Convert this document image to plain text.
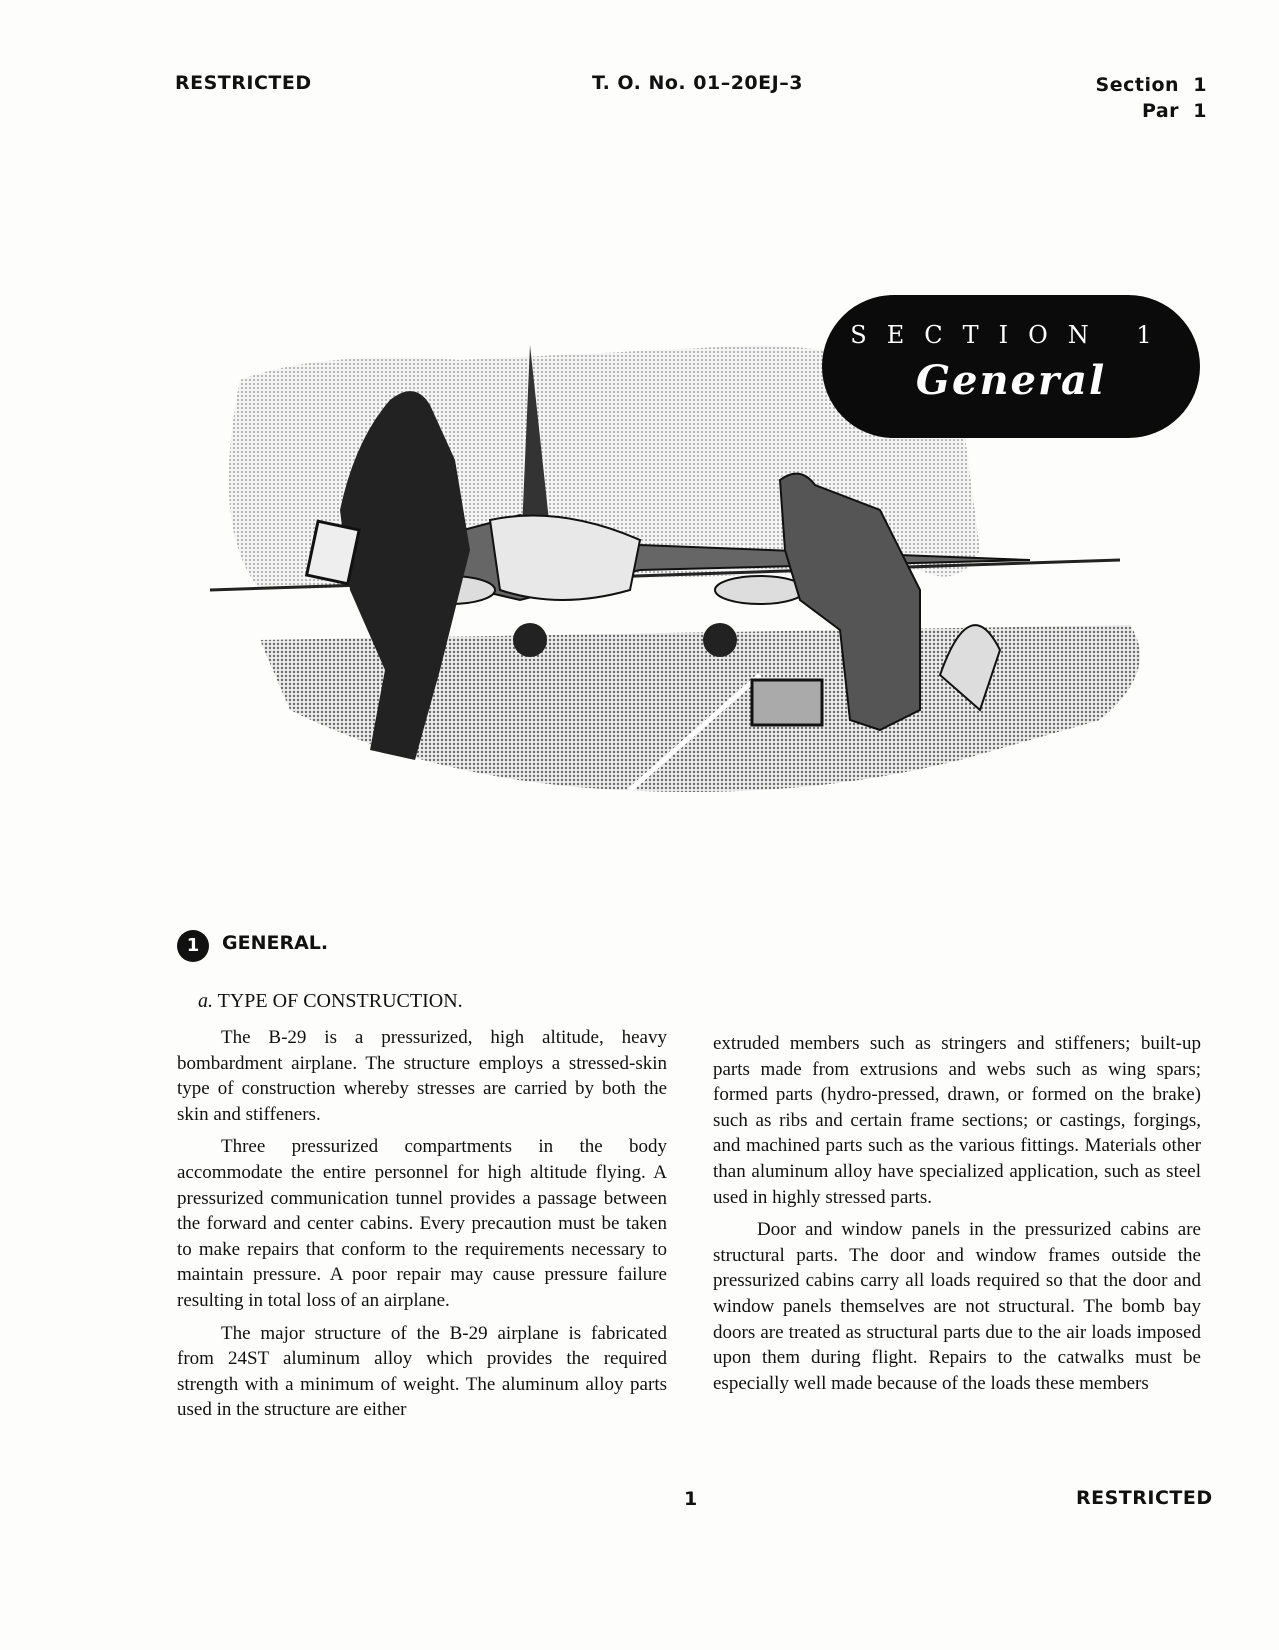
RESTRICTED	T. O. No. 01–20EJ–3	Section  1
Par  1
SECTION 1
General
1	GENERAL.
a. TYPE OF CONSTRUCTION.

The B-29 is a pressurized, high altitude, heavy bombardment airplane. The structure employs a stressed-skin type of construction whereby stresses are carried by both the skin and stiffeners.

Three pressurized compartments in the body accommodate the entire personnel for high altitude flying. A pressurized communication tunnel provides a passage between the forward and center cabins. Every precaution must be taken to make repairs that conform to the requirements necessary to maintain pressure. A poor repair may cause pressure failure resulting in total loss of an airplane.

The major structure of the B-29 airplane is fabricated from 24ST aluminum alloy which provides the required strength with a minimum of weight. The aluminum alloy parts used in the structure are either

extruded members such as stringers and stiffeners; built-up parts made from extrusions and webs such as wing spars; formed parts (hydro-pressed, drawn, or formed on the brake) such as ribs and certain frame sections; or castings, forgings, and machined parts such as the various fittings. Materials other than aluminum alloy have specialized application, such as steel used in highly stressed parts.

Door and window panels in the pressurized cabins are structural parts. The door and window frames outside the pressurized cabins carry all loads required so that the door and window panels themselves are not structural. The bomb bay doors are treated as structural parts due to the air loads imposed upon them during flight. Repairs to the catwalks must be especially well made because of the loads these members

1	RESTRICTED
